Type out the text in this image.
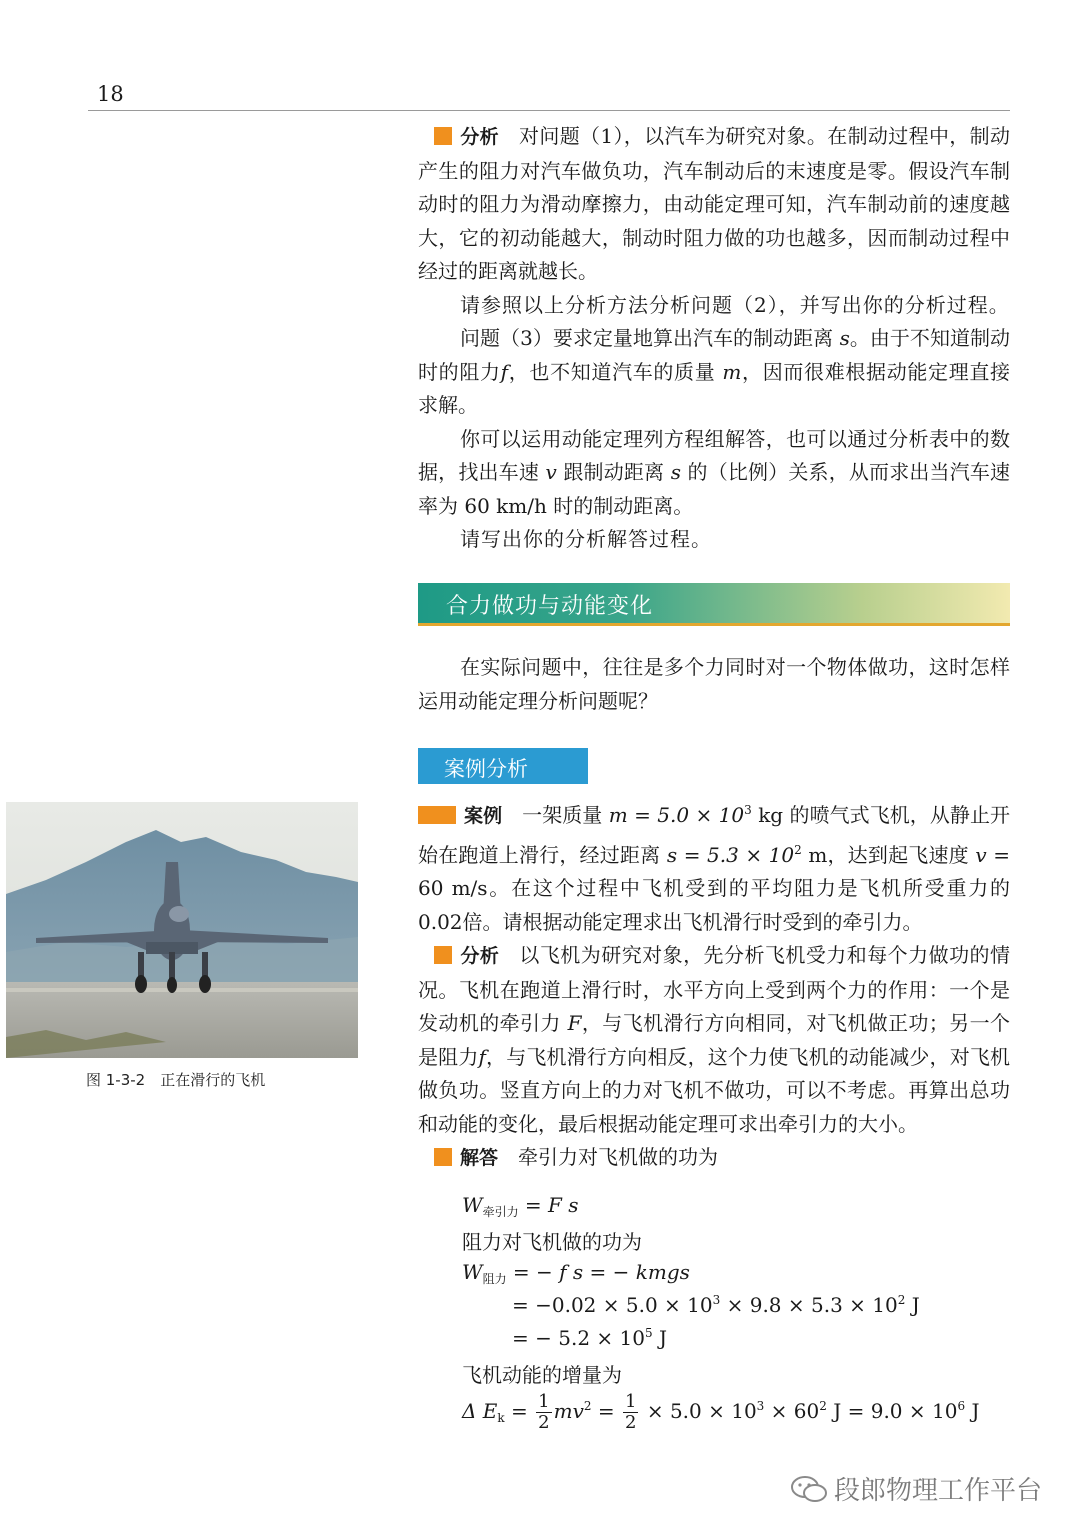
18

分析 对问题（1），以汽车为研究对象。在制动过程中，制动产生的阻力对汽车做负功，汽车制动后的末速度是零。假设汽车制动时的阻力为滑动摩擦力，由动能定理可知，汽车制动前的速度越大，它的初动能越大，制动时阻力做的功也越多，因而制动过程中经过的距离就越长。

请参照以上分析方法分析问题（2），并写出你的分析过程。

问题（3）要求定量地算出汽车的制动距离 s。由于不知道制动时的阻力f，也不知道汽车的质量 m，因而很难根据动能定理直接求解。

你可以运用动能定理列方程组解答，也可以通过分析表中的数据，找出车速 v 跟制动距离 s 的（比例）关系，从而求出当汽车速率为 60 km/h 时的制动距离。

请写出你的分析解答过程。

合力做功与动能变化

在实际问题中，往往是多个力同时对一个物体做功，这时怎样运用动能定理分析问题呢？

案例分析
图 1-3-2　正在滑行的飞机

案例 一架质量 $m = 5.0 \times 10^3$ kg 的喷气式飞机，从静止开始在跑道上滑行，经过距离 $s = 5.3 \times 10^2$ m，达到起飞速度 v = 60 m/s。在这个过程中飞机受到的平均阻力是飞机所受重力的0.02倍。请根据动能定理求出飞机滑行时受到的牵引力。

分析 以飞机为研究对象，先分析飞机受力和每个力做功的情况。飞机在跑道上滑行时，水平方向上受到两个力的作用：一个是发动机的牵引力 F，与飞机滑行方向相同，对飞机做正功；另一个是阻力f，与飞机滑行方向相反，这个力使飞机的动能减少，对飞机做负功。竖直方向上的力对飞机不做功，可以不考虑。再算出总功和动能的变化，最后根据动能定理可求出牵引力的大小。

解答 牵引力对飞机做的功为

$W_{牵引力} = F$ s
阻力对飞机做的功为
$W_{阻力}$ = − f s = − kmgs
= $-0.02 \times 5.0 \times 10^3 \times 9.8 \times 5.3 \times 10^2$ J
= − $5.2 \times 10^5$ J
飞机动能的增量为
Δ $E_k = \frac{1}{2} mv^2 = \frac{1}{2} \times 5.0 \times 10^3 \times 60^2$ $J = 9.0 \times 10^6$ J
段郎物理工作平台
